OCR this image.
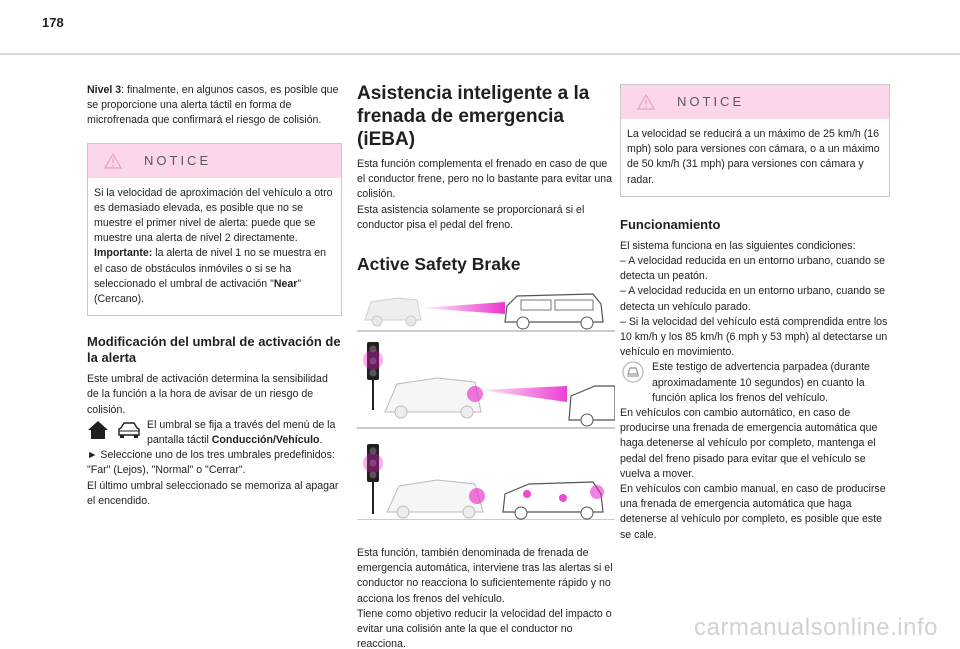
178

Nivel 3: finalmente, en algunos casos, es posible que se proporcione una alerta táctil en forma de microfrenada que confirmará el riesgo de colisión.

NOTICE

Si la velocidad de aproximación del vehículo a otro es demasiado elevada, es posible que no se muestre el primer nivel de alerta: puede que se muestre una alerta de nivel 2 directamente.

Importante: la alerta de nivel 1 no se muestra en el caso de obstáculos inmóviles o si se ha seleccionado el umbral de activación "Near" (Cercano).

Modificación del umbral de activación de la alerta

Este umbral de activación determina la sensibilidad de la función a la hora de avisar de un riesgo de colisión.

El umbral se fija a través del menú de la pantalla táctil Conducción/Vehículo.

► Seleccione uno de los tres umbrales predefinidos: "Far" (Lejos), "Normal" o "Cerrar".

El último umbral seleccionado se memoriza al apagar el encendido.

Asistencia inteligente a la frenada de emergencia (iEBA)

Esta función complementa el frenado en caso de que el conductor frene, pero no lo bastante para evitar una colisión.

Esta asistencia solamente se proporcionará si el conductor pisa el pedal del freno.

Active Safety Brake

Esta función, también denominada de frenada de emergencia automática, interviene tras las alertas si el conductor no reacciona lo suficientemente rápido y no acciona los frenos del vehículo.

Tiene como objetivo reducir la velocidad del impacto o evitar una colisión ante la que el conductor no reacciona.

NOTICE

La velocidad se reducirá a un máximo de 25 km/h (16 mph) solo para versiones con cámara, o a un máximo de 50 km/h (31 mph) para versiones con cámara y radar.

Funcionamiento

El sistema funciona en las siguientes condiciones:

– A velocidad reducida en un entorno urbano, cuando se detecta un peatón.

– A velocidad reducida en un entorno urbano, cuando se detecta un vehículo parado.

– Si la velocidad del vehículo está comprendida entre los 10 km/h y los 85 km/h (6 mph y 53 mph) al detectarse un vehículo en movimiento.

Este testigo de advertencia parpadea (durante aproximadamente 10 segundos) en cuanto la función aplica los frenos del vehículo.

En vehículos con cambio automático, en caso de producirse una frenada de emergencia automática que haga detenerse al vehículo por completo, mantenga el pedal del freno pisado para evitar que el vehículo se vuelva a mover.

En vehículos con cambio manual, en caso de producirse una frenada de emergencia automática que haga detenerse al vehículo por completo, es posible que este se cale.

carmanualsonline.info
